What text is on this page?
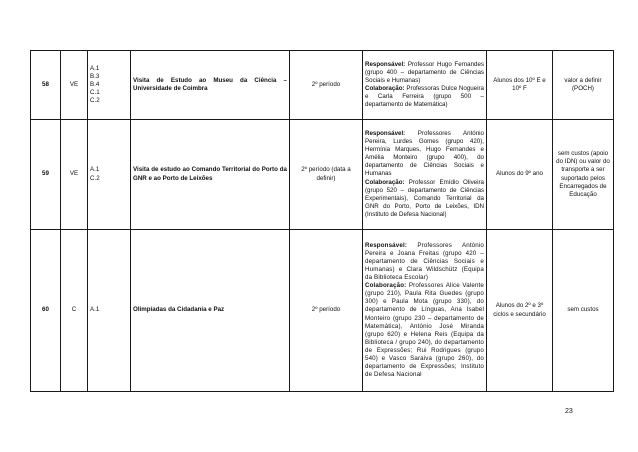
58	VE	A.1
B.3
B.4
C.1
C.2	Visita de Estudo ao Museu da Ciência – Universidade de Coimbra	2º período	Responsável: Professor Hugo Fernandes (grupo 400 – departamento de Ciências Sociais e Humanas)
Colaboração: Professoras Dulce Nogueira e Carla Ferreira (grupo 500 – departamento de Matemática)	Alunos dos 10º E e 10º F	valor a definir (POCH)
59	VE	A.1
C.2	Visita de estudo ao Comando Territorial do Porto da GNR e ao Porto de Leixões	2º período (data a definir)	Responsável: Professores António Pereira, Lurdes Gomes (grupo 420), Hermínia Marques, Hugo Fernandes e Amélia Monteiro (grupo 400), do departamento de Ciências Sociais e Humanas
Colaboração: Professor Emídio Oliveira (grupo 520 – departamento de Ciências Experimentais), Comando Territorial da GNR do Porto, Porto de Leixões, IDN (Instituto de Defesa Nacional)	Alunos do 9º ano	sem custos (apoio do IDN) ou valor do transporte a ser suportado pelos Encarregados de Educação
60	C	A.1	Olimpíadas da Cidadania e Paz	2º período	Responsável: Professores António Pereira e Joana Freitas (grupo 420 – departamento de Ciências Sociais e Humanas) e Clara Wildschütz (Equipa da Biblioteca Escolar)
Colaboração: Professores Alice Valente (grupo 210), Paula Rita Guedes (grupo 300) e Paula Mota (grupo 330), do departamento de Línguas, Ana Isabel Monteiro (grupo 230 – departamento de Matemática), António José Miranda (grupo 620) e Helena Reis (Equipa da Biblioteca / grupo 240), do departamento de Expressões; Rui Rodrigues (grupo 540) e Vasco Saraiva (grupo 260), do departamento de Expressões; Instituto de Defesa Nacional	Alunos do 2º e 3º ciclos e secundário	sem custos
23
